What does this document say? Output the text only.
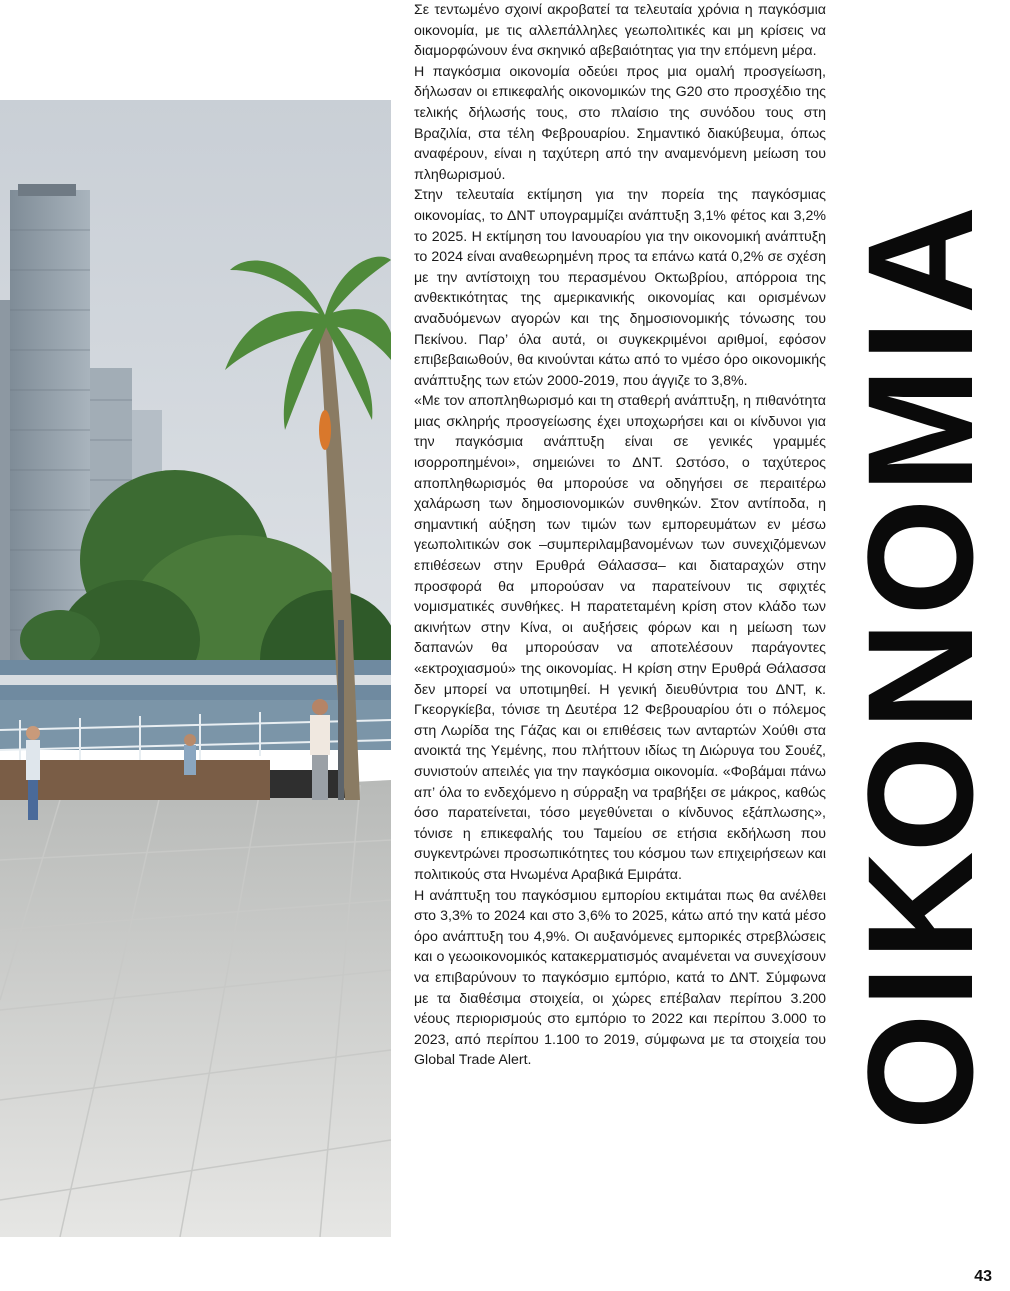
Σε τεντωμένο σχοινί ακροβατεί τα τελευταία χρόνια η παγκόσμια οικονομία, με τις αλλεπάλληλες γεωπολιτικές και μη κρίσεις να διαμορφώνουν ένα σκηνικό αβεβαιότητας για την επόμενη μέρα.

Η παγκόσμια οικονομία οδεύει προς μια ομαλή προσγείωση, δήλωσαν οι επικεφαλής οικονομικών της G20 στο προσχέδιο της τελικής δήλωσής τους, στο πλαίσιο της συνόδου τους στη Βραζιλία, στα τέλη Φεβρουαρίου. Σημαντικό διακύβευμα, όπως αναφέρουν, είναι η ταχύτερη από την αναμενόμενη μείωση του πληθωρισμού.

Στην τελευταία εκτίμηση για την πορεία της παγκόσμιας οικονομίας, το ΔΝΤ υπογραμμίζει ανάπτυξη 3,1% φέτος και 3,2% το 2025. Η εκτίμηση του Ιανουαρίου για την οικονομική ανάπτυξη το 2024 είναι αναθεωρημένη προς τα επάνω κατά 0,2% σε σχέση με την αντίστοιχη του περασμένου Οκτωβρίου, απόρροια της ανθεκτικότητας της αμερικανικής οικονομίας και ορισμένων αναδυόμενων αγορών και της δημοσιονομικής τόνωσης του Πεκίνου. Παρ’ όλα αυτά, οι συγκεκριμένοι αριθμοί, εφόσον επιβεβαιωθούν, θα κινούνται κάτω από το νμέσο όρο οικονομικής ανάπτυξης των ετών 2000-2019, που άγγιζε το 3,8%.

«Με τον αποπληθωρισμό και τη σταθερή ανάπτυξη, η πιθανότητα μιας σκληρής προσγείωσης έχει υποχωρήσει και οι κίνδυνοι για την παγκόσμια ανάπτυξη είναι σε γενικές γραμμές ισορροπημένοι», σημειώνει το ΔΝΤ. Ωστόσο, ο ταχύτερος αποπληθωρισμός θα μπορούσε να οδηγήσει σε περαιτέρω χαλάρωση των δημοσιονομικών συνθηκών. Στον αντίποδα, η σημαντική αύξηση των τιμών των εμπορευμάτων εν μέσω γεωπολιτικών σοκ –συμπεριλαμβανομένων των συνεχιζόμενων επιθέσεων στην Ερυθρά Θάλασσα– και διαταραχών στην προσφορά θα μπορούσαν να παρατείνουν τις σφιχτές νομισματικές συνθήκες. Η παρατεταμένη κρίση στον κλάδο των ακινήτων στην Κίνα, οι αυξήσεις φόρων και η μείωση των δαπανών θα μπορούσαν να αποτελέσουν παράγοντες «εκτροχιασμού» της οικονομίας. Η κρίση στην Ερυθρά Θάλασσα δεν μπορεί να υποτιμηθεί. Η γενική διευθύντρια του ΔΝΤ, κ. Γκεοργκίεβα, τόνισε τη Δευτέρα 12 Φεβρουαρίου ότι ο πόλεμος στη Λωρίδα της Γάζας και οι επιθέσεις των ανταρτών Χούθι στα ανοικτά της Υεμένης, που πλήττουν ιδίως τη Διώρυγα του Σουέζ, συνιστούν απειλές για την παγκόσμια οικονομία. «Φοβάμαι πάνω απ’ όλα το ενδεχόμενο η σύρραξη να τραβήξει σε μάκρος, καθώς όσο παρατείνεται, τόσο μεγεθύνεται ο κίνδυνος εξάπλωσης», τόνισε η επικεφαλής του Ταμείου σε ετήσια εκδήλωση που συγκεντρώνει προσωπικότητες του κόσμου των επιχειρήσεων και πολιτικούς στα Ηνωμένα Αραβικά Εμιράτα.

Η ανάπτυξη του παγκόσμιου εμπορίου εκτιμάται πως θα ανέλθει στο 3,3% το 2024 και στο 3,6% το 2025, κάτω από την κατά μέσο όρο ανάπτυξη του 4,9%. Οι αυξανόμενες εμπορικές στρεβλώσεις και ο γεωοικονομικός κατακερματισμός αναμένεται να συνεχίσουν να επιβαρύνουν το παγκόσμιο εμπόριο, κατά το ΔΝΤ. Σύμφωνα με τα διαθέσιμα στοιχεία, οι χώρες επέβαλαν περίπου 3.200 νέους περιορισμούς στο εμπόριο το 2022 και περίπου 3.000 το 2023, από περίπου 1.100 το 2019, σύμφωνα με τα στοιχεία του Global Trade Alert.	ΟΙΚΟΝΟΜΙΑ
43
